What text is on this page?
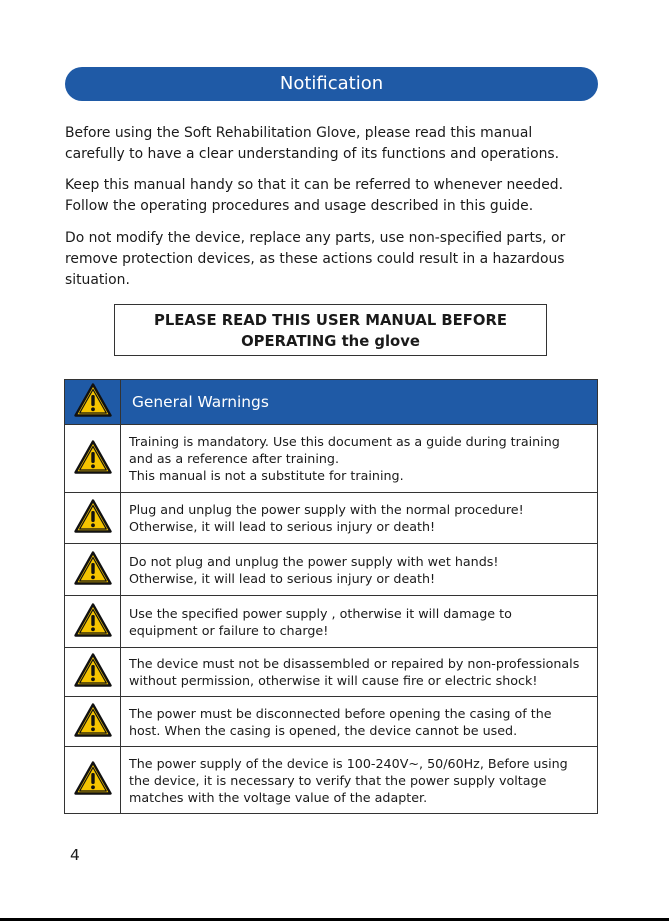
Notification

Before using the Soft Rehabilitation Glove, please read this manual carefully to have a clear understanding of its functions and operations.

Keep this manual handy so that it can be referred to whenever needed. Follow the operating procedures and usage described in this guide.

Do not modify the device, replace any parts, use non-specified parts, or remove protection devices, as these actions could result in a hazardous situation.

PLEASE READ THIS USER MANUAL BEFORE
OPERATING the glove
	General Warnings
	Training is mandatory. Use this document as a guide during training
and as a reference after training.
This manual is not a substitute for training.
	Plug and unplug the power supply with the normal procedure!
Otherwise, it will lead to serious injury or death!
	Do not plug and unplug the power supply with wet hands!
Otherwise, it will lead to serious injury or death!
	Use the specified power supply , otherwise it will damage to
equipment or failure to charge!
	The device must not be disassembled or repaired by non-professionals
without permission, otherwise it will cause fire or electric shock!
	The power must be disconnected before opening the casing of the
host. When the casing is opened, the device cannot be used.
	The power supply of the device is 100-240V~, 50/60Hz, Before using
the device, it is necessary to verify that the power supply voltage
matches with the voltage value of the adapter.
4
